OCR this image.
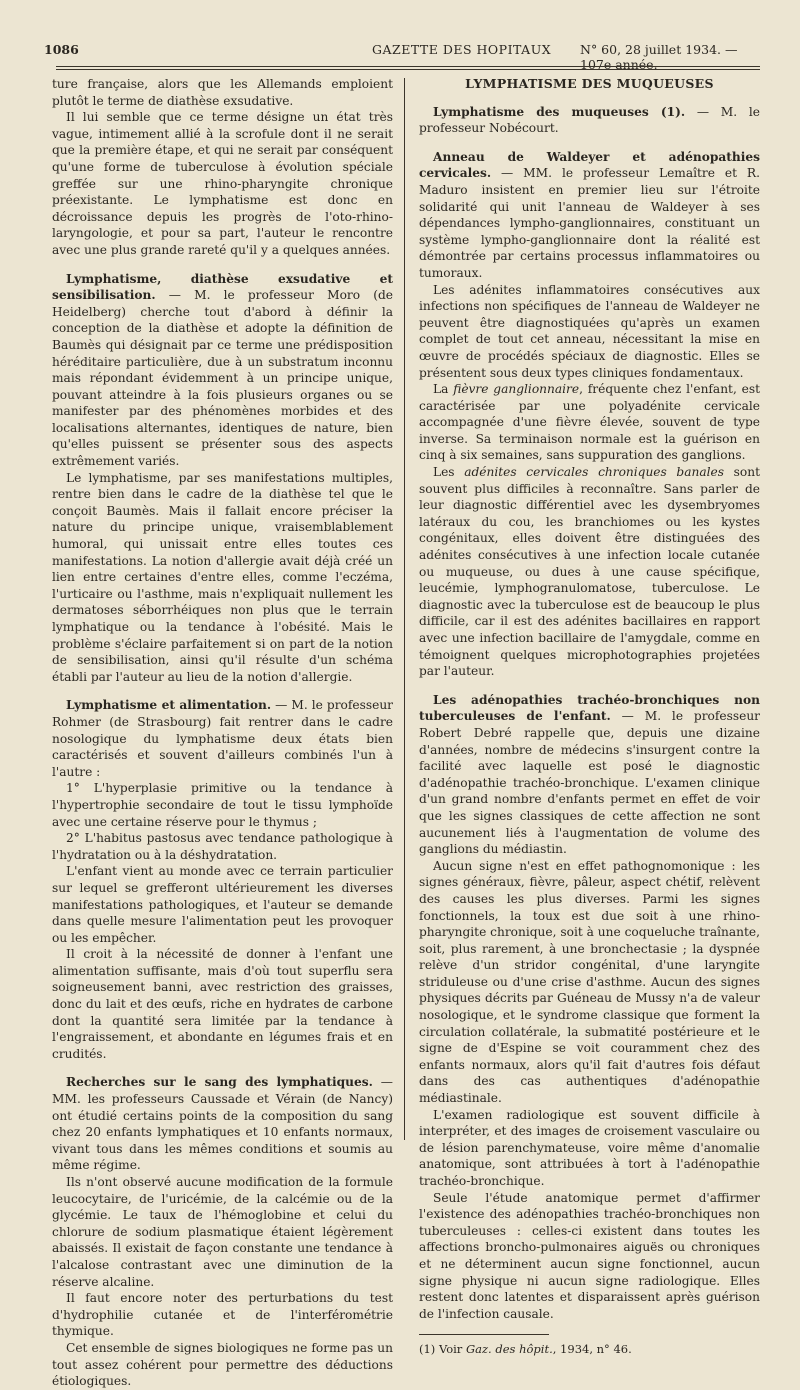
1086	GAZETTE DES HOPITAUX N° 60, 28 juillet 1934. — 107e année.

ture française, alors que les Allemands emploient plutôt le terme de diathèse exsudative.

Il lui semble que ce terme désigne un état très vague, intimement allié à la scrofule dont il ne serait que la première étape, et qui ne serait par conséquent qu'une forme de tuberculose à évolution spéciale greffée sur une rhino-pharyngite chronique préexistante. Le lymphatisme est donc en décroissance depuis les progrès de l'oto-rhino-laryngologie, et pour sa part, l'auteur le rencontre avec une plus grande rareté qu'il y a quelques années.

Lymphatisme, diathèse exsudative et sensibilisation. — M. le professeur Moro (de Heidelberg) cherche tout d'abord à définir la conception de la diathèse et adopte la définition de Baumès qui désignait par ce terme une prédisposition héréditaire particulière, due à un substratum inconnu mais répondant évidemment à un principe unique, pouvant atteindre à la fois plusieurs organes ou se manifester par des phénomènes morbides et des localisations alternantes, identiques de nature, bien qu'elles puissent se présenter sous des aspects extrêmement variés.

Le lymphatisme, par ses manifestations multiples, rentre bien dans le cadre de la diathèse tel que le conçoit Baumès. Mais il fallait encore préciser la nature du principe unique, vraisemblablement humoral, qui unissait entre elles toutes ces manifestations. La notion d'allergie avait déjà créé un lien entre certaines d'entre elles, comme l'eczéma, l'urticaire ou l'asthme, mais n'expliquait nullement les dermatoses séborrhéiques non plus que le terrain lymphatique ou la tendance à l'obésité. Mais le problème s'éclaire parfaitement si on part de la notion de sensibilisation, ainsi qu'il résulte d'un schéma établi par l'auteur au lieu de la notion d'allergie.

Lymphatisme et alimentation. — M. le professeur Rohmer (de Strasbourg) fait rentrer dans le cadre nosologique du lymphatisme deux états bien caractérisés et souvent d'ailleurs combinés l'un à l'autre :

1° L'hyperplasie primitive ou la tendance à l'hypertrophie secondaire de tout le tissu lymphoïde avec une certaine réserve pour le thymus ;

2° L'habitus pastosus avec tendance pathologique à l'hydratation ou à la déshydratation.

L'enfant vient au monde avec ce terrain particulier sur lequel se grefferont ultérieurement les diverses manifestations pathologiques, et l'auteur se demande dans quelle mesure l'alimentation peut les provoquer ou les empêcher.

Il croit à la nécessité de donner à l'enfant une alimentation suffisante, mais d'où tout superflu sera soigneusement banni, avec restriction des graisses, donc du lait et des œufs, riche en hydrates de carbone dont la quantité sera limitée par la tendance à l'engraissement, et abondante en légumes frais et en crudités.

Recherches sur le sang des lymphatiques. — MM. les professeurs Caussade et Vérain (de Nancy) ont étudié certains points de la composition du sang chez 20 enfants lymphatiques et 10 enfants normaux, vivant tous dans les mêmes conditions et soumis au même régime.

Ils n'ont observé aucune modification de la formule leucocytaire, de l'uricémie, de la calcémie ou de la glycémie. Le taux de l'hémoglobine et celui du chlorure de sodium plasmatique étaient légèrement abaissés. Il existait de façon constante une tendance à l'alcalose contrastant avec une diminution de la réserve alcaline.

Il faut encore noter des perturbations du test d'hydrophilie cutanée et de l'interférométrie thymique.

Cet ensemble de signes biologiques ne forme pas un tout assez cohérent pour permettre des déductions étiologiques.

LYMPHATISME DES MUQUEUSES

Lymphatisme des muqueuses (1). — M. le professeur Nobécourt.

Anneau de Waldeyer et adénopathies cervicales. — MM. le professeur Lemaître et R. Maduro insistent en premier lieu sur l'étroite solidarité qui unit l'anneau de Waldeyer à ses dépendances lympho-ganglionnaires, constituant un système lympho-ganglionnaire dont la réalité est démontrée par certains processus inflammatoires ou tumoraux.

Les adénites inflammatoires consécutives aux infections non spécifiques de l'anneau de Waldeyer ne peuvent être diagnostiquées qu'après un examen complet de tout cet anneau, nécessitant la mise en œuvre de procédés spéciaux de diagnostic. Elles se présentent sous deux types cliniques fondamentaux.

La fièvre ganglionnaire, fréquente chez l'enfant, est caractérisée par une polyadénite cervicale accompagnée d'une fièvre élevée, souvent de type inverse. Sa terminaison normale est la guérison en cinq à six semaines, sans suppuration des ganglions.

Les adénites cervicales chroniques banales sont souvent plus difficiles à reconnaître. Sans parler de leur diagnostic différentiel avec les dysembryomes latéraux du cou, les branchiomes ou les kystes congénitaux, elles doivent être distinguées des adénites consécutives à une infection locale cutanée ou muqueuse, ou dues à une cause spécifique, leucémie, lymphogranulomatose, tuberculose. Le diagnostic avec la tuberculose est de beaucoup le plus difficile, car il est des adénites bacillaires en rapport avec une infection bacillaire de l'amygdale, comme en témoignent quelques microphotographies projetées par l'auteur.

Les adénopathies trachéo-bronchiques non tuberculeuses de l'enfant. — M. le professeur Robert Debré rappelle que, depuis une dizaine d'années, nombre de médecins s'insurgent contre la facilité avec laquelle est posé le diagnostic d'adénopathie trachéo-bronchique. L'examen clinique d'un grand nombre d'enfants permet en effet de voir que les signes classiques de cette affection ne sont aucunement liés à l'augmentation de volume des ganglions du médiastin.

Aucun signe n'est en effet pathognomonique : les signes généraux, fièvre, pâleur, aspect chétif, relèvent des causes les plus diverses. Parmi les signes fonctionnels, la toux est due soit à une rhino-pharyngite chronique, soit à une coqueluche traînante, soit, plus rarement, à une bronchectasie ; la dyspnée relève d'un stridor congénital, d'une laryngite striduleuse ou d'une crise d'asthme. Aucun des signes physiques décrits par Guéneau de Mussy n'a de valeur nosologique, et le syndrome classique que forment la circulation collatérale, la submatité postérieure et le signe de d'Espine se voit couramment chez des enfants normaux, alors qu'il fait d'autres fois défaut dans des cas authentiques d'adénopathie médiastinale.

L'examen radiologique est souvent difficile à interpréter, et des images de croisement vasculaire ou de lésion parenchymateuse, voire même d'anomalie anatomique, sont attribuées à tort à l'adénopathie trachéo-bronchique.

Seule l'étude anatomique permet d'affirmer l'existence des adénopathies trachéo-bronchiques non tuberculeuses : celles-ci existent dans toutes les affections broncho-pulmonaires aiguës ou chroniques et ne déterminent aucun signe fonctionnel, aucun signe physique ni aucun signe radiologique. Elles restent donc latentes et disparaissent après guérison de l'infection causale.

(1) Voir Gaz. des hôpit., 1934, n° 46.
